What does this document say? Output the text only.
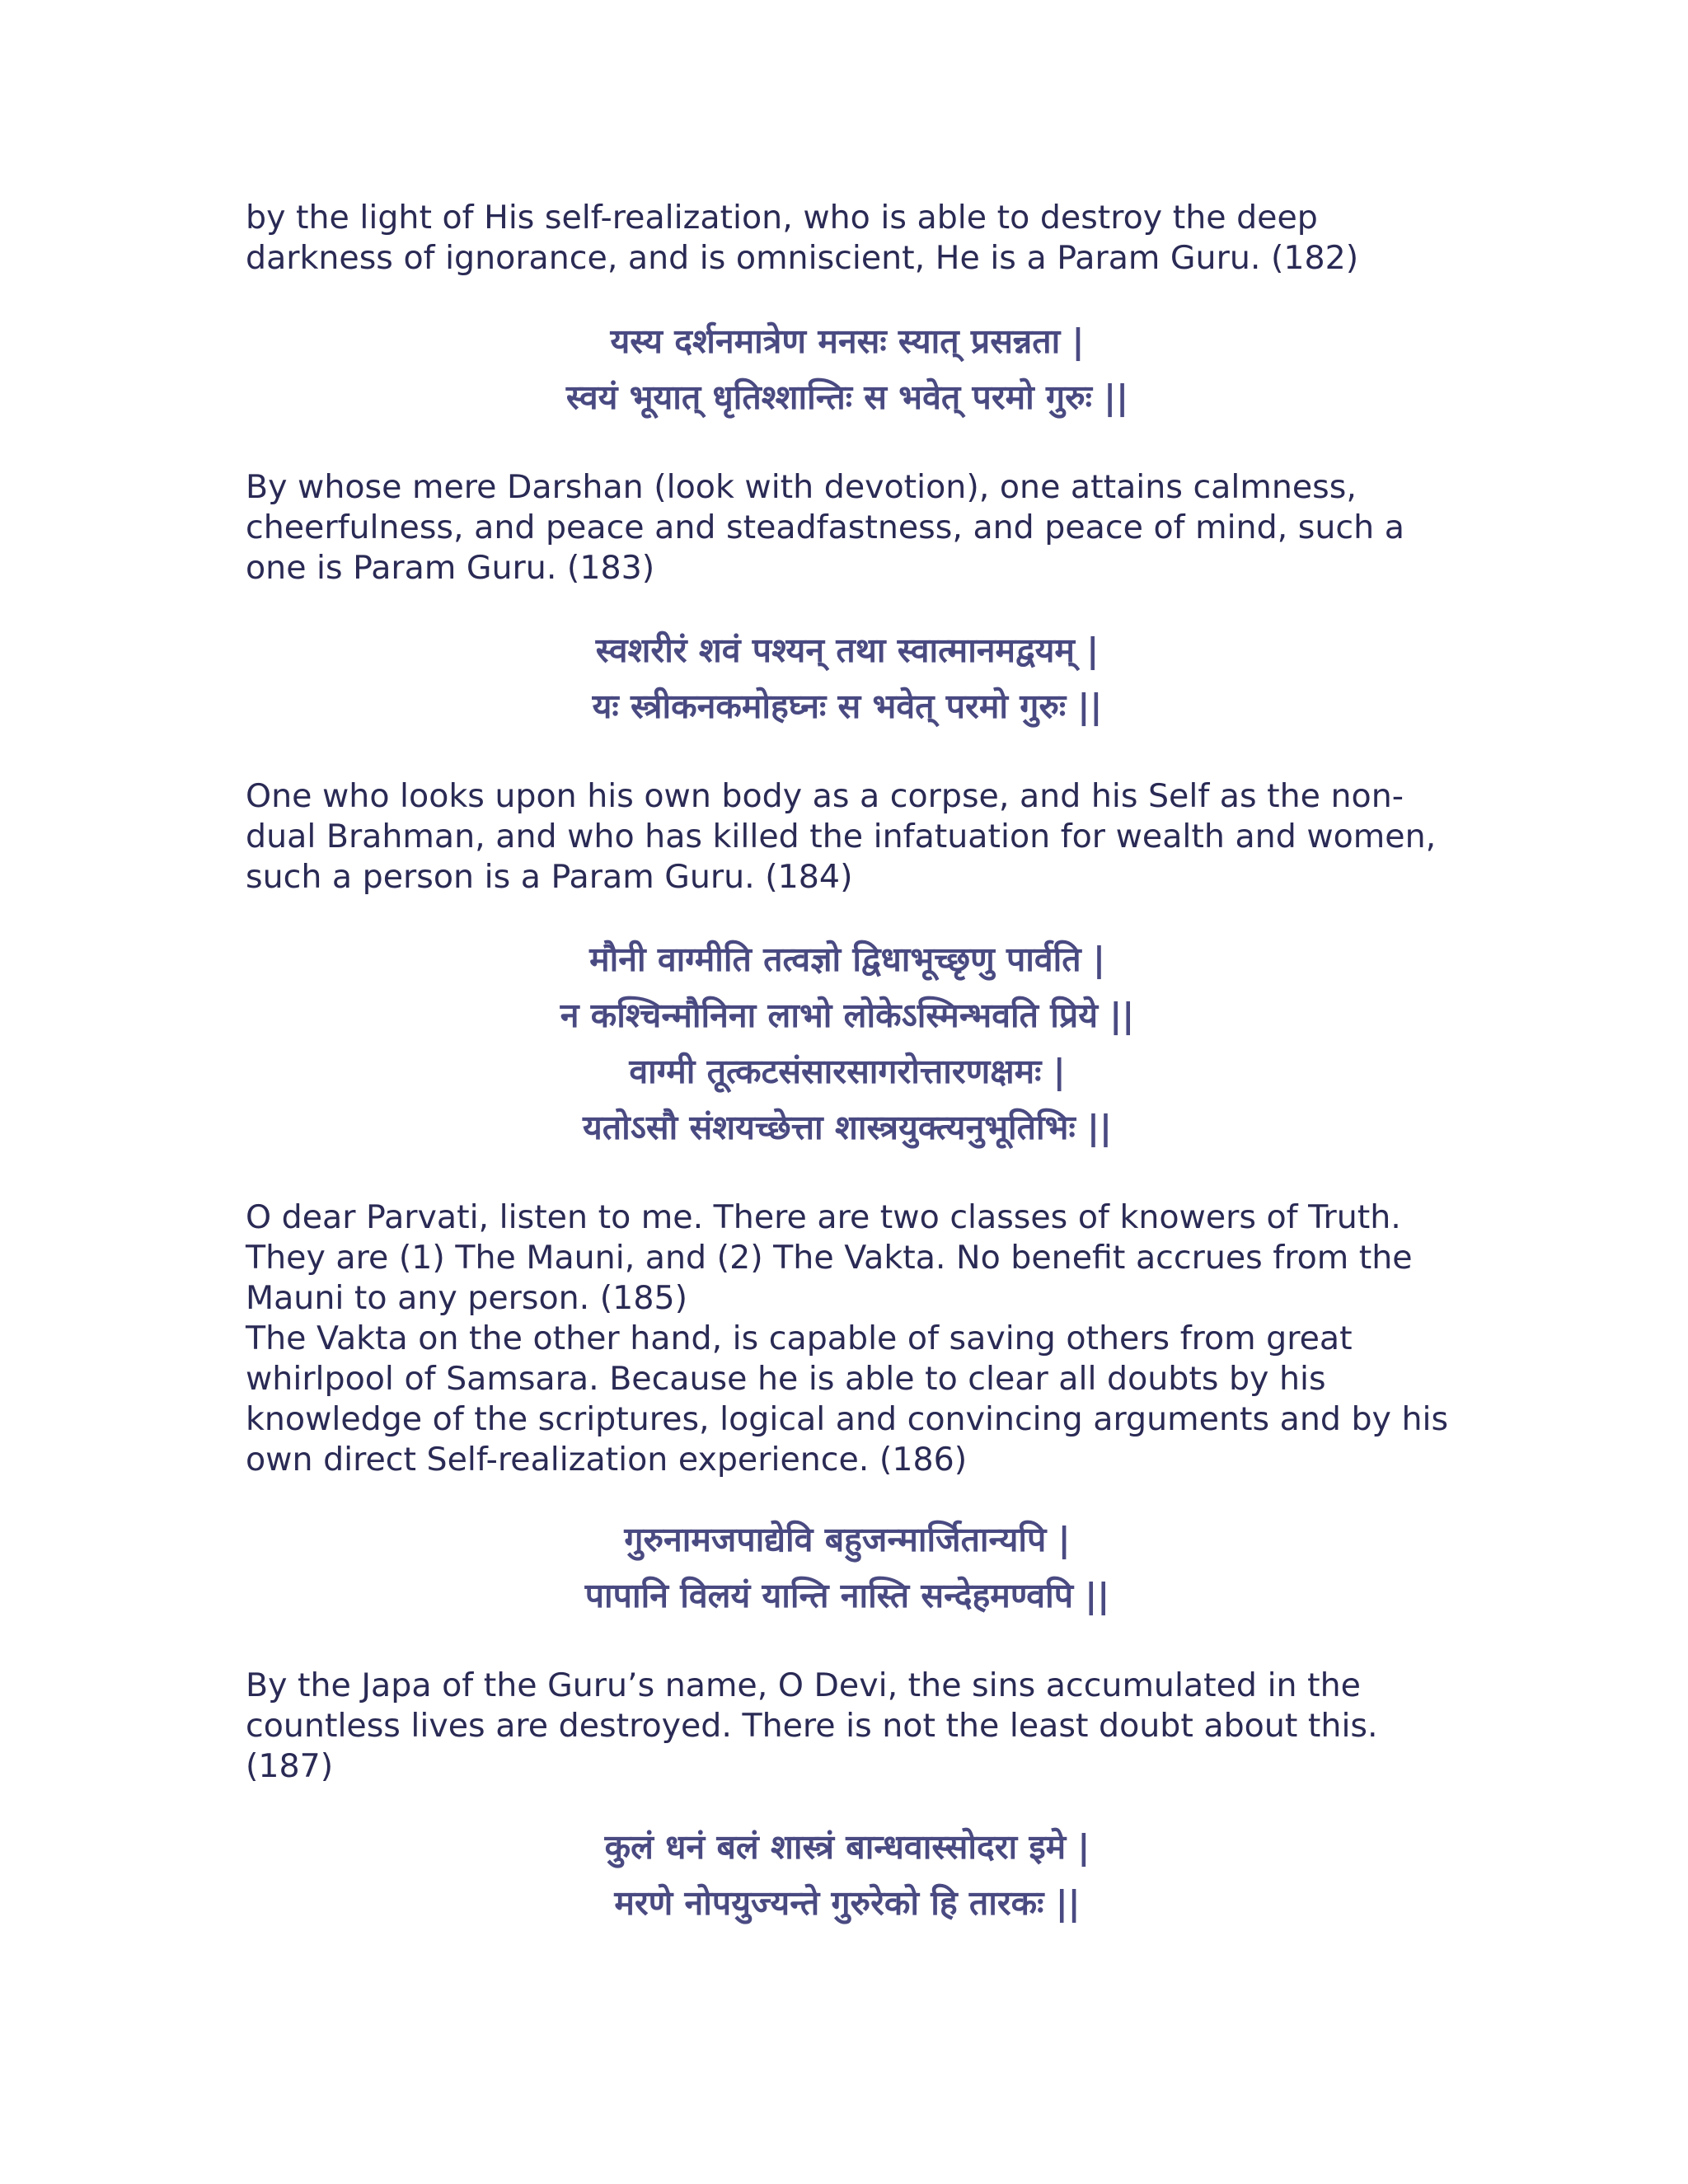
by the light of His self-realization, who is able to destroy the deep darkness of ignorance, and is omniscient, He is a Param Guru. (182)

यस्य दर्शनमात्रेण मनसः स्यात् प्रसन्नता |
स्वयं भूयात् धृतिश्शान्तिः स भवेत् परमो गुरुः ||

By whose mere Darshan (look with devotion), one attains calmness, cheerfulness, and peace and steadfastness, and peace of mind, such a one is Param Guru. (183)

स्वशरीरं शवं पश्यन् तथा स्वात्मानमद्वयम् |
यः स्त्रीकनकमोहघ्नः स भवेत् परमो गुरुः ||

One who looks upon his own body as a corpse, and his Self as the non-dual Brahman, and who has killed the infatuation for wealth and women, such a person is a Param Guru. (184)

मौनी वाग्मीति तत्वज्ञो द्विधाभूच्छृणु पार्वति |
न कश्चिन्मौनिना लाभो लोकेऽस्मिन्भवति प्रिये ||
वाग्मी तूत्कटसंसारसागरोत्तारणक्षमः |
यतोऽसौ संशयच्छेत्ता शास्त्रयुक्त्यनुभूतिभिः ||

O dear Parvati, listen to me. There are two classes of knowers of Truth. They are (1) The Mauni, and (2) The Vakta. No benefit accrues from the Mauni to any person. (185)

The Vakta on the other hand, is capable of saving others from great whirlpool of Samsara. Because he is able to clear all doubts by his knowledge of the scriptures, logical and convincing arguments and by his own direct Self-realization experience. (186)

गुरुनामजपाद्येवि बहुजन्मार्जितान्यपि |
पापानि विलयं यान्ति नास्ति सन्देहमण्वपि ||

By the Japa of the Guru’s name, O Devi, the sins accumulated in the countless lives are destroyed. There is not the least doubt about this. (187)

कुलं धनं बलं शास्त्रं बान्धवास्सोदरा इमे |
मरणे नोपयुज्यन्ते गुरुरेको हि तारकः ||
